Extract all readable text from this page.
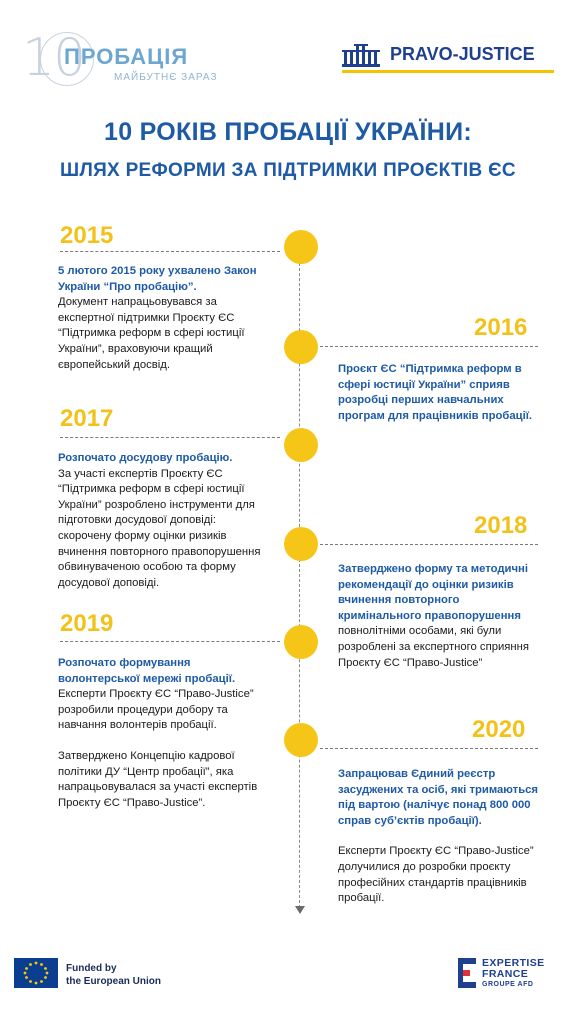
10
ПРОБАЦІЯ
МАЙБУТНЄ ЗАРАЗ
PRAVO-JUSTICE
10 РОКІВ ПРОБАЦІЇ УКРАЇНИ:
ШЛЯХ РЕФОРМИ ЗА ПІДТРИМКИ ПРОЄКТІВ ЄС
2015

5 лютого 2015 року ухвалено Закон України “Про пробацію”.
Документ напрацьовувався за експертної підтримки Проєкту ЄС “Підтримка реформ в сфері юстиції України”, враховуючи кращий європейський досвід.

2016

Проєкт ЄС “Підтримка реформ в сфері юстиції України” сприяв розробці перших навчальних програм для працівників пробації.

2017

Розпочато досудову пробацію.
За участі експертів Проєкту ЄС “Підтримка реформ в сфері юстиції України” розроблено інструменти для підготовки досудової доповіді: скорочену форму оцінки ризиків вчинення повторного правопорушення обвинуваченою особою та форму досудової доповіді.

2018

Затверджено форму та методичні рекомендації до оцінки ризиків вчинення повторного кримінального правопорушення повнолітніми особами, які були розроблені за експертного сприяння Проєкту ЄС “Право-Justice”

2019

Розпочато формування волонтерської мережі пробації.
Експерти Проєкту ЄС “Право-Justice” розробили процедури добору та навчання волонтерів пробації.

Затверджено Концепцію кадрової політики ДУ “Центр пробації”, яка напрацьовувалася за участі експертів Проєкту ЄС “Право-Justice”.

2020

Запрацював Єдиний реєстр засуджених та осіб, які тримаються під вартою (налічує понад 800 000 справ суб’єктів пробації).

Експерти Проєкту ЄС “Право-Justice” долучилися до розробки проєкту професійних стандартів працівників пробації.

Funded by
the European Union
EXPERTISE
FRANCE
GROUPE AFD
